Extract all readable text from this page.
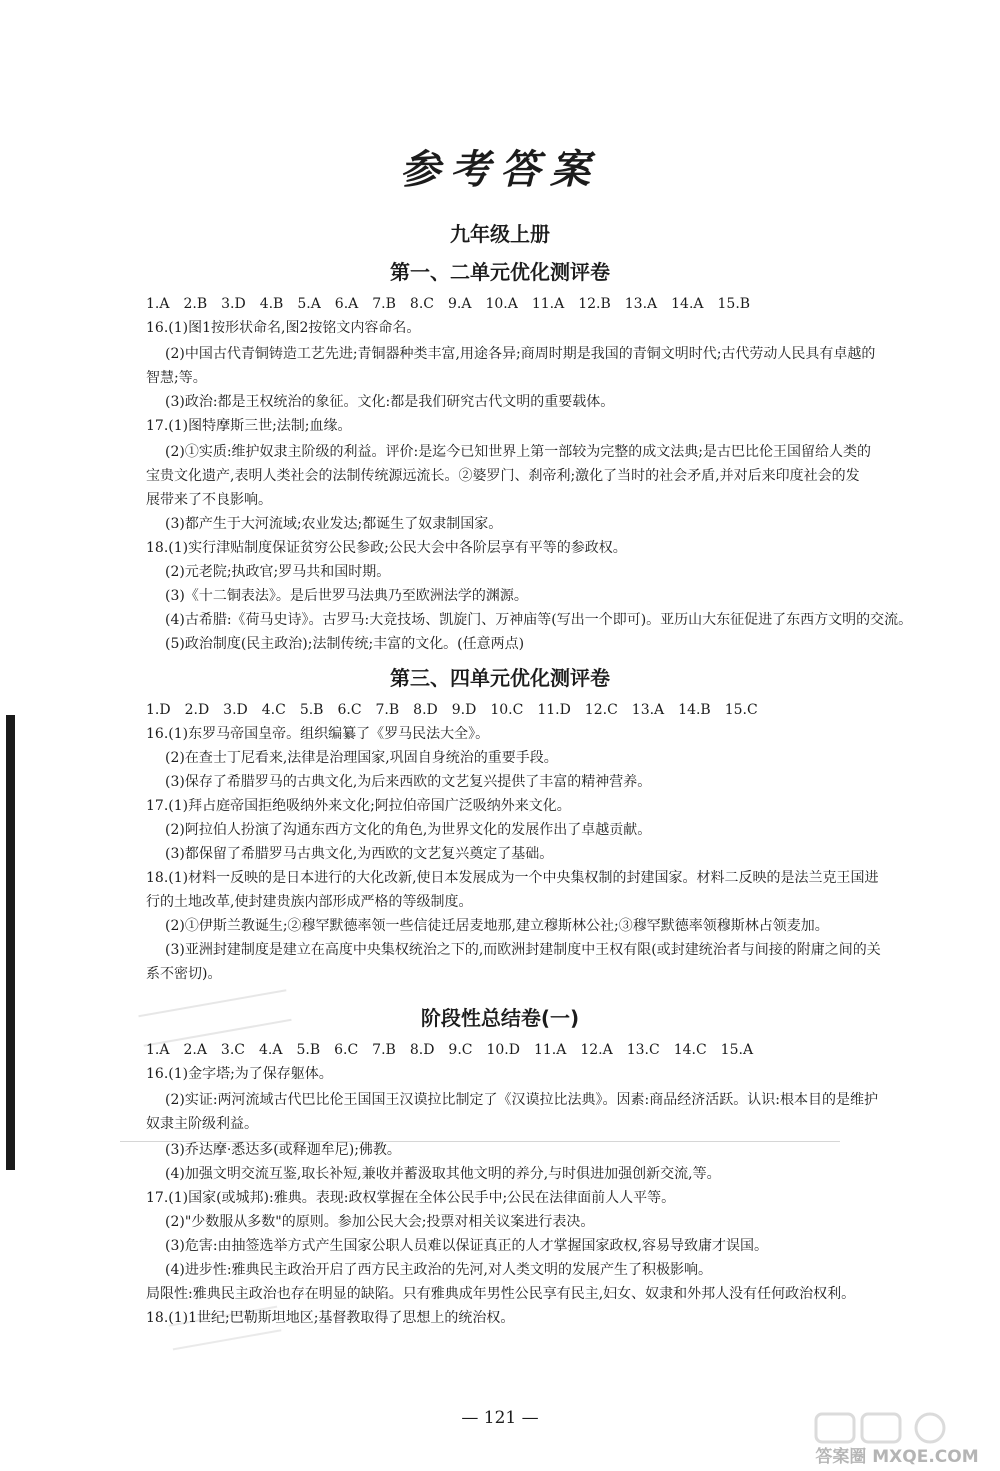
参考答案
九年级上册
第一、二单元优化测评卷
1.A　2.B　3.D　4.B　5.A　6.A　7.B　8.C　9.A　10.A　11.A　12.B　13.A　14.A　15.B
16.(1)图1按形状命名,图2按铭文内容命名。
(2)中国古代青铜铸造工艺先进;青铜器种类丰富,用途各异;商周时期是我国的青铜文明时代;古代劳动人民具有卓越的
智慧;等。
(3)政治:都是王权统治的象征。文化:都是我们研究古代文明的重要载体。
17.(1)图特摩斯三世;法制;血缘。
(2)①实质:维护奴隶主阶级的利益。评价:是迄今已知世界上第一部较为完整的成文法典;是古巴比伦王国留给人类的
宝贵文化遗产,表明人类社会的法制传统源远流长。②婆罗门、刹帝利;激化了当时的社会矛盾,并对后来印度社会的发
展带来了不良影响。
(3)都产生于大河流域;农业发达;都诞生了奴隶制国家。
18.(1)实行津贴制度保证贫穷公民参政;公民大会中各阶层享有平等的参政权。
(2)元老院;执政官;罗马共和国时期。
(3)《十二铜表法》。是后世罗马法典乃至欧洲法学的渊源。
(4)古希腊:《荷马史诗》。古罗马:大竞技场、凯旋门、万神庙等(写出一个即可)。亚历山大东征促进了东西方文明的交流。
(5)政治制度(民主政治);法制传统;丰富的文化。(任意两点)
第三、四单元优化测评卷
1.D　2.D　3.D　4.C　5.B　6.C　7.B　8.D　9.D　10.C　11.D　12.C　13.A　14.B　15.C
16.(1)东罗马帝国皇帝。组织编纂了《罗马民法大全》。
(2)在查士丁尼看来,法律是治理国家,巩固自身统治的重要手段。
(3)保存了希腊罗马的古典文化,为后来西欧的文艺复兴提供了丰富的精神营养。
17.(1)拜占庭帝国拒绝吸纳外来文化;阿拉伯帝国广泛吸纳外来文化。
(2)阿拉伯人扮演了沟通东西方文化的角色,为世界文化的发展作出了卓越贡献。
(3)都保留了希腊罗马古典文化,为西欧的文艺复兴奠定了基础。
18.(1)材料一反映的是日本进行的大化改新,使日本发展成为一个中央集权制的封建国家。材料二反映的是法兰克王国进
行的土地改革,使封建贵族内部形成严格的等级制度。
(2)①伊斯兰教诞生;②穆罕默德率领一些信徒迁居麦地那,建立穆斯林公社;③穆罕默德率领穆斯林占领麦加。
(3)亚洲封建制度是建立在高度中央集权统治之下的,而欧洲封建制度中王权有限(或封建统治者与间接的附庸之间的关
系不密切)。
阶段性总结卷(一)
1.A　2.A　3.C　4.A　5.B　6.C　7.B　8.D　9.C　10.D　11.A　12.A　13.C　14.C　15.A
16.(1)金字塔;为了保存躯体。
(2)实证:两河流域古代巴比伦王国国王汉谟拉比制定了《汉谟拉比法典》。因素:商品经济活跃。认识:根本目的是维护
奴隶主阶级利益。
(3)乔达摩·悉达多(或释迦牟尼);佛教。
(4)加强文明交流互鉴,取长补短,兼收并蓄汲取其他文明的养分,与时俱进加强创新交流,等。
17.(1)国家(或城邦):雅典。表现:政权掌握在全体公民手中;公民在法律面前人人平等。
(2)"少数服从多数"的原则。参加公民大会;投票对相关议案进行表决。
(3)危害:由抽签选举方式产生国家公职人员难以保证真正的人才掌握国家政权,容易导致庸才误国。
(4)进步性:雅典民主政治开启了西方民主政治的先河,对人类文明的发展产生了积极影响。
局限性:雅典民主政治也存在明显的缺陷。只有雅典成年男性公民享有民主,妇女、奴隶和外邦人没有任何政治权利。
18.(1)1世纪;巴勒斯坦地区;基督教取得了思想上的统治权。
— 121 —
答案圈 MXQE.COM
